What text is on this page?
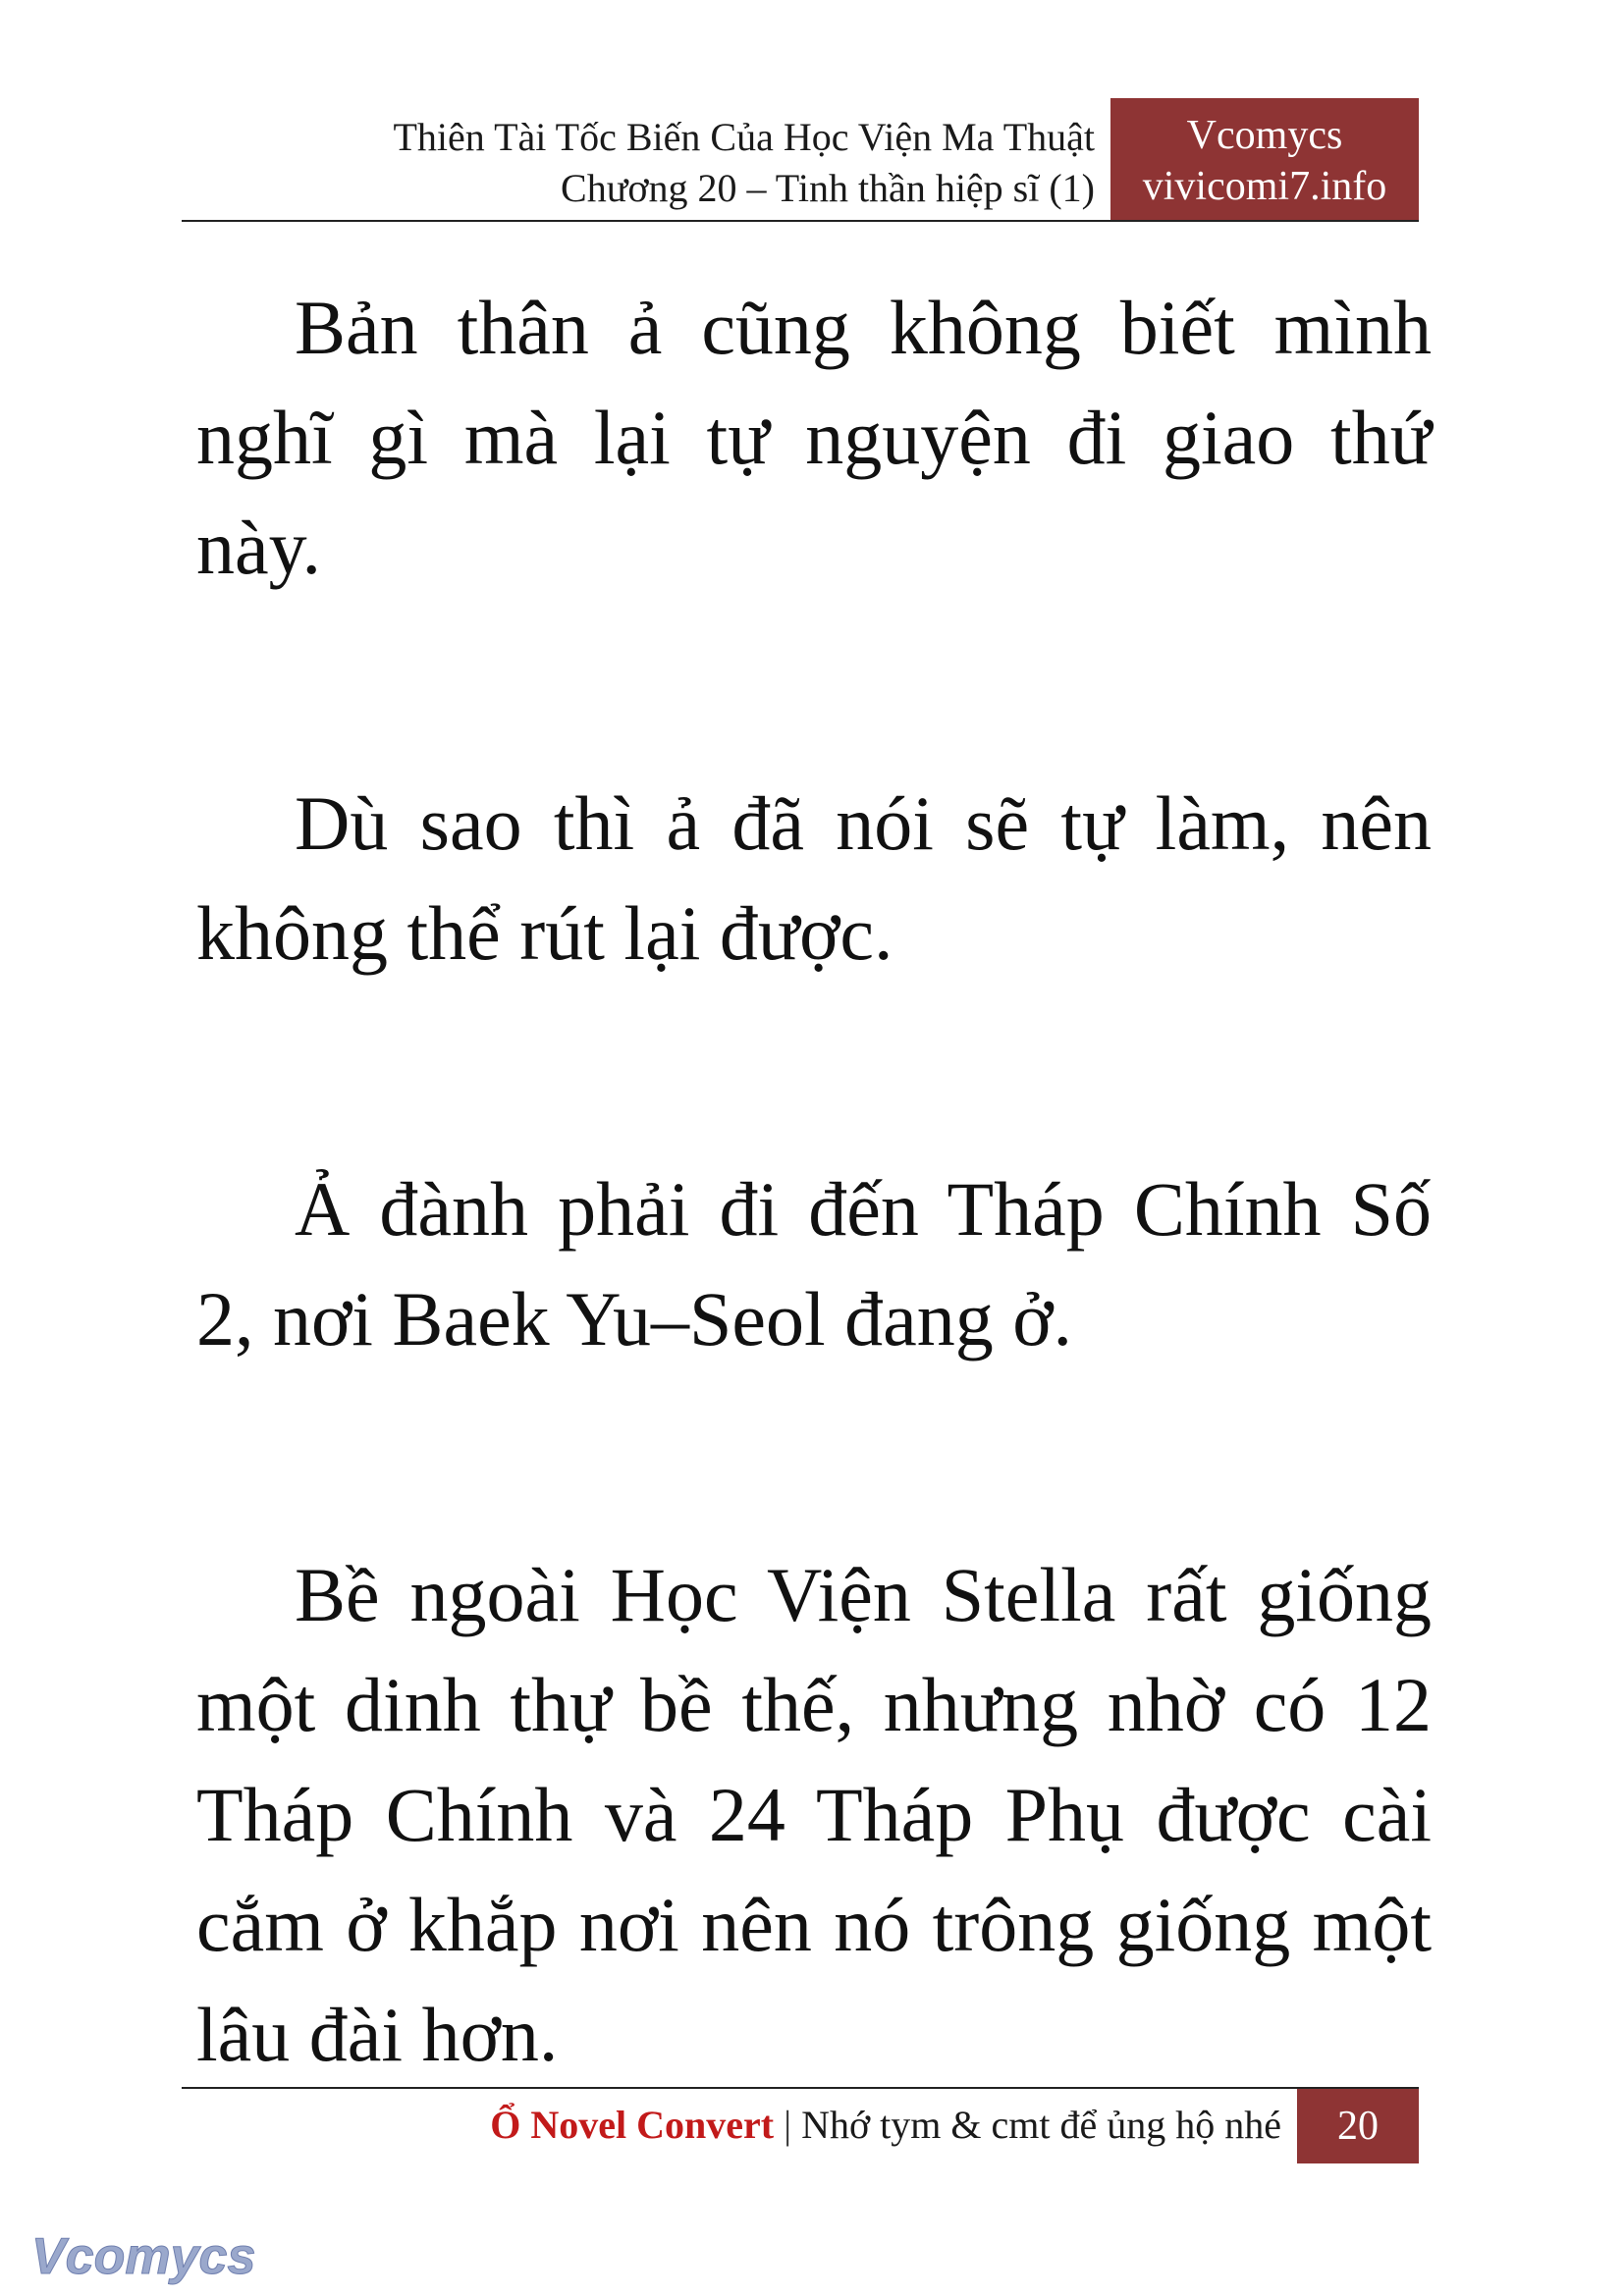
Thiên Tài Tốc Biến Của Học Viện Ma Thuật
Chương 20 – Tinh thần hiệp sĩ (1)
Vcomycs
vivicomi7.info

Bản thân ả cũng không biết mình nghĩ gì mà lại tự nguyện đi giao thứ này.

Dù sao thì ả đã nói sẽ tự làm, nên không thể rút lại được.

Ả đành phải đi đến Tháp Chính Số 2, nơi Baek Yu–Seol đang ở.

Bề ngoài Học Viện Stella rất giống một dinh thự bề thế, nhưng nhờ có 12 Tháp Chính và 24 Tháp Phụ được cài cắm ở khắp nơi nên nó trông giống một lâu đài hơn.

Ổ Novel Convert | Nhớ tym & cmt để ủng hộ nhé	20
Vcomycs
